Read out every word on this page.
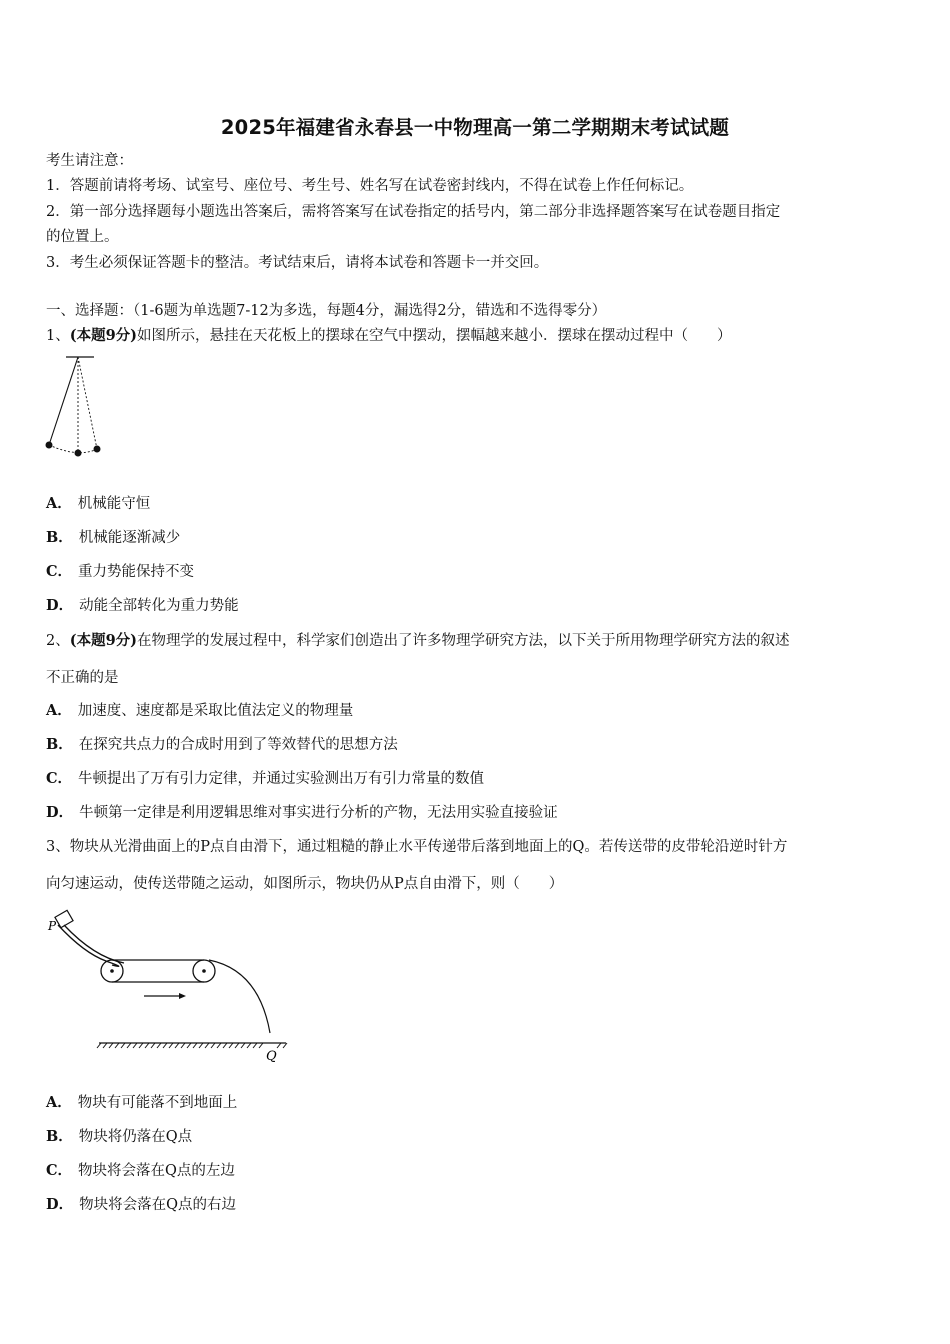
2025年福建省永春县一中物理高一第二学期期末考试试题
考生请注意：
1．答题前请将考场、试室号、座位号、考生号、姓名写在试卷密封线内，不得在试卷上作任何标记。
2．第一部分选择题每小题选出答案后，需将答案写在试卷指定的括号内，第二部分非选择题答案写在试卷题目指定
的位置上。
3．考生必须保证答题卡的整洁。考试结束后，请将本试卷和答题卡一并交回。
一、选择题：（1-6题为单选题7-12为多选，每题4分，漏选得2分，错选和不选得零分）
1、(本题9分)如图所示，悬挂在天花板上的摆球在空气中摆动，摆幅越来越小．摆球在摆动过程中（　　）
A． 机械能守恒
B． 机械能逐渐减少
C． 重力势能保持不变
D． 动能全部转化为重力势能
2、(本题9分)在物理学的发展过程中，科学家们创造出了许多物理学研究方法，以下关于所用物理学研究方法的叙述
不正确的是
A． 加速度、速度都是采取比值法定义的物理量
B． 在探究共点力的合成时用到了等效替代的思想方法
C． 牛顿提出了万有引力定律，并通过实验测出万有引力常量的数值
D． 牛顿第一定律是利用逻辑思维对事实进行分析的产物，无法用实验直接验证
3、物块从光滑曲面上的P点自由滑下，通过粗糙的静止水平传递带后落到地面上的Q。若传送带的皮带轮沿逆时针方
向匀速运动，使传送带随之运动，如图所示，物块仍从P点自由滑下，则（　　）
P
Q
A． 物块有可能落不到地面上
B． 物块将仍落在Q点
C． 物块将会落在Q点的左边
D． 物块将会落在Q点的右边
